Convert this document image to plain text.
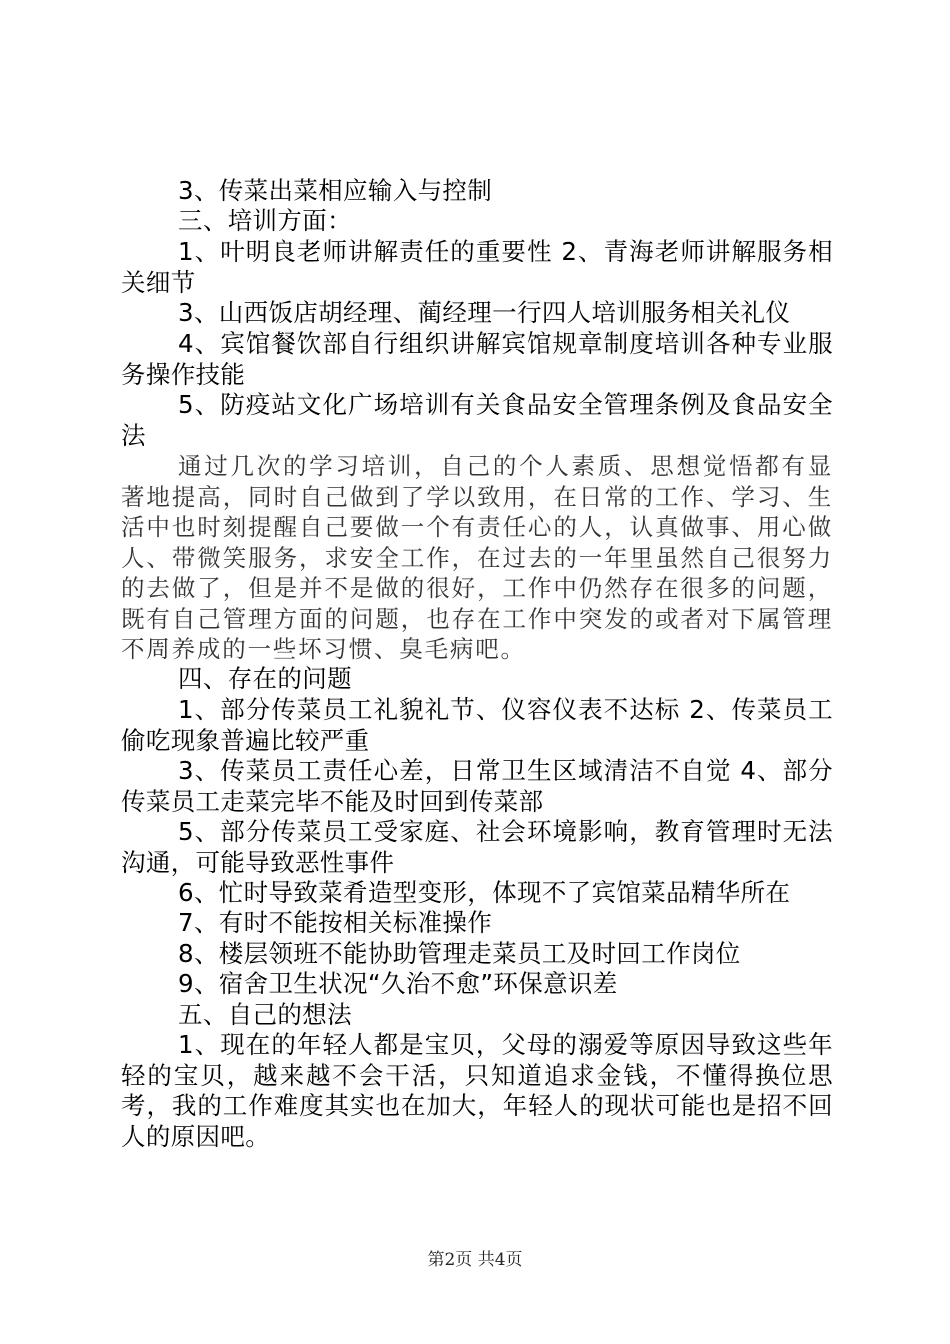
3、传菜出菜相应输入与控制

三、培训方面：

1、叶明良老师讲解责任的重要性 2、青海老师讲解服务相关细节

3、山西饭店胡经理、蔺经理一行四人培训服务相关礼仪

4、宾馆餐饮部自行组织讲解宾馆规章制度培训各种专业服务操作技能

5、防疫站文化广场培训有关食品安全管理条例及食品安全法

通过几次的学习培训，自己的个人素质、思想觉悟都有显著地提高，同时自己做到了学以致用，在日常的工作、学习、生活中也时刻提醒自己要做一个有责任心的人，认真做事、用心做人、带微笑服务，求安全工作，在过去的一年里虽然自己很努力的去做了，但是并不是做的很好，工作中仍然存在很多的问题，既有自己管理方面的问题，也存在工作中突发的或者对下属管理不周养成的一些坏习惯、臭毛病吧。

四、存在的问题

1、部分传菜员工礼貌礼节、仪容仪表不达标 2、传菜员工偷吃现象普遍比较严重

3、传菜员工责任心差，日常卫生区域清洁不自觉 4、部分传菜员工走菜完毕不能及时回到传菜部

5、部分传菜员工受家庭、社会环境影响，教育管理时无法沟通，可能导致恶性事件

6、忙时导致菜肴造型变形，体现不了宾馆菜品精华所在

7、有时不能按相关标准操作

8、楼层领班不能协助管理走菜员工及时回工作岗位

9、宿舍卫生状况“久治不愈”环保意识差

五、自己的想法

1、现在的年轻人都是宝贝，父母的溺爱等原因导致这些年轻的宝贝，越来越不会干活，只知道追求金钱，不懂得换位思考，我的工作难度其实也在加大，年轻人的现状可能也是招不回人的原因吧。

第2页 共4页
